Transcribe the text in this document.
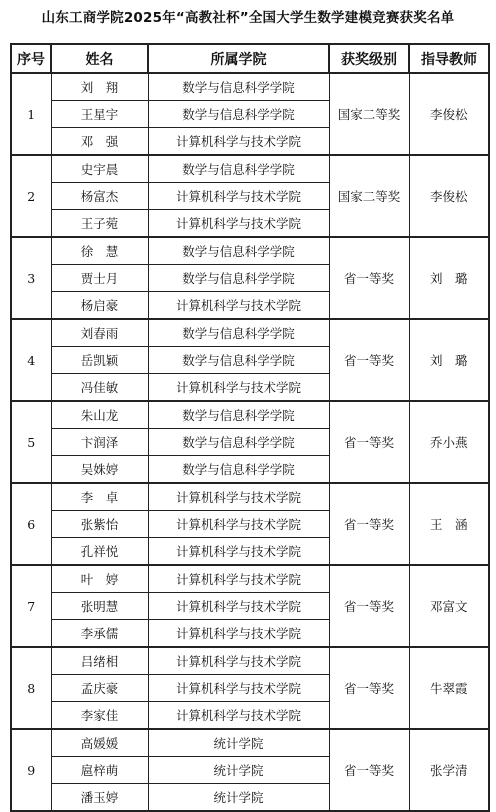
山东工商学院2025年“高教社杯”全国大学生数学建模竞赛获奖名单
序号	姓名	所属学院	获奖级别	指导教师
1	刘　翔	数学与信息科学学院	国家二等奖	李俊松
	王星宇	数学与信息科学学院		
	邓　强	计算机科学与技术学院		
2	史宇晨	数学与信息科学学院	国家二等奖	李俊松
	杨富杰	计算机科学与技术学院		
	王子菀	计算机科学与技术学院		
3	徐　慧	数学与信息科学学院	省一等奖	刘　璐
	贾士月	数学与信息科学学院		
	杨启豪	计算机科学与技术学院		
4	刘春雨	数学与信息科学学院	省一等奖	刘　璐
	岳凯颖	数学与信息科学学院		
	冯佳敏	计算机科学与技术学院		
5	朱山龙	数学与信息科学学院	省一等奖	乔小燕
	卞润泽	数学与信息科学学院		
	吴姝婷	数学与信息科学学院		
6	李　卓	计算机科学与技术学院	省一等奖	王　涵
	张紫怡	计算机科学与技术学院		
	孔祥悦	计算机科学与技术学院		
7	叶　婷	计算机科学与技术学院	省一等奖	邓富文
	张明慧	计算机科学与技术学院		
	李承儒	计算机科学与技术学院		
8	吕绪相	计算机科学与技术学院	省一等奖	牛翠霞
	孟庆豪	计算机科学与技术学院		
	李家佳	计算机科学与技术学院		
9	高媛媛	统计学院	省一等奖	张学清
	扈梓萌	统计学院		
	潘玉婷	统计学院		
